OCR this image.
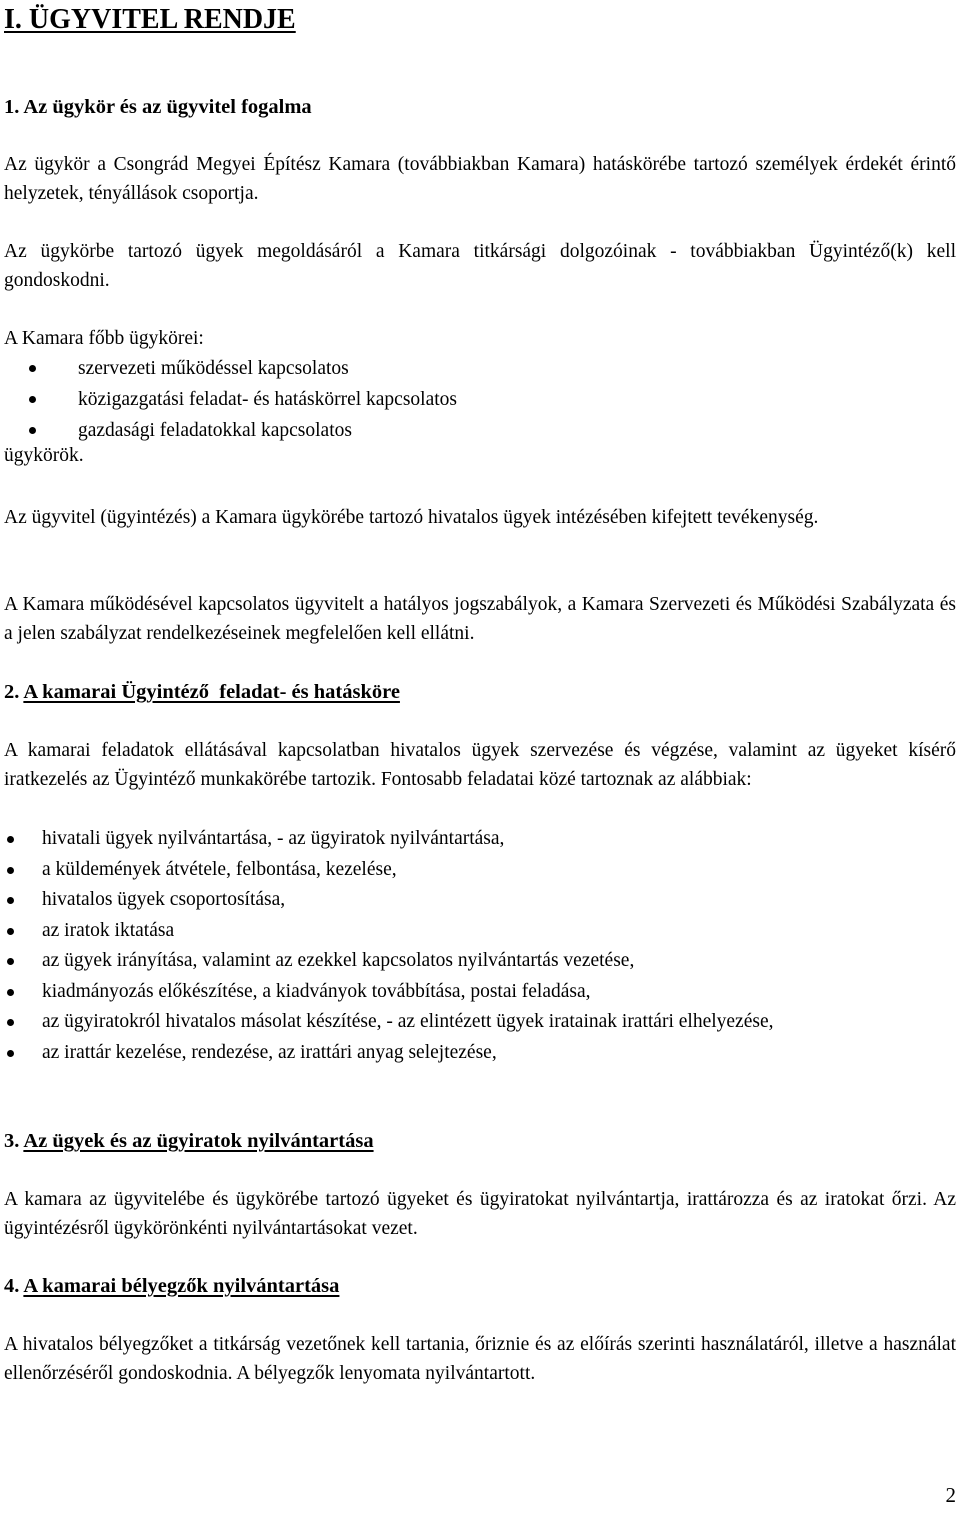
I. ÜGYVITEL RENDJE
1. Az ügykör és az ügyvitel fogalma

Az ügykör a Csongrád Megyei Építész Kamara (továbbiakban Kamara) hatáskörébe tartozó személyek érdekét érintő helyzetek, tényállások csoportja.

Az ügykörbe tartozó ügyek megoldásáról a Kamara titkársági dolgozóinak - továbbiakban Ügyintéző(k) kell gondoskodni.

A Kamara főbb ügykörei:
szervezeti működéssel kapcsolatos
közigazgatási feladat- és hatáskörrel kapcsolatos
gazdasági feladatokkal kapcsolatos
ügykörök.

Az ügyvitel (ügyintézés) a Kamara ügykörébe tartozó hivatalos ügyek intézésében kifejtett tevékenység.

A Kamara működésével kapcsolatos ügyvitelt a hatályos jogszabályok, a Kamara Szervezeti és Működési Szabályzata és a jelen szabályzat rendelkezéseinek megfelelően kell ellátni.

2. A kamarai Ügyintéző  feladat- és hatásköre

A kamarai feladatok ellátásával kapcsolatban hivatalos ügyek szervezése és végzése, valamint az ügyeket kísérő iratkezelés az Ügyintéző munkakörébe tartozik. Fontosabb feladatai közé tartoznak az alábbiak:

hivatali ügyek nyilvántartása, - az ügyiratok nyilvántartása,
a küldemények átvétele, felbontása, kezelése,
hivatalos ügyek csoportosítása,
az iratok iktatása
az ügyek irányítása, valamint az ezekkel kapcsolatos nyilvántartás vezetése,
kiadmányozás előkészítése, a kiadványok továbbítása, postai feladása,
az ügyiratokról hivatalos másolat készítése, - az elintézett ügyek iratainak irattári elhelyezése,
az irattár kezelése, rendezése, az irattári anyag selejtezése,
3. Az ügyek és az ügyiratok nyilvántartása

A kamara az ügyvitelébe és ügykörébe tartozó ügyeket és ügyiratokat nyilvántartja, irattározza és az iratokat őrzi. Az ügyintézésről ügykörönkénti nyilvántartásokat vezet.

4. A kamarai bélyegzők nyilvántartása

A hivatalos bélyegzőket a titkárság vezetőnek kell tartania, őriznie és az előírás szerinti használatáról, illetve a használat ellenőrzéséről gondoskodnia. A bélyegzők lenyomata nyilvántartott.

2
